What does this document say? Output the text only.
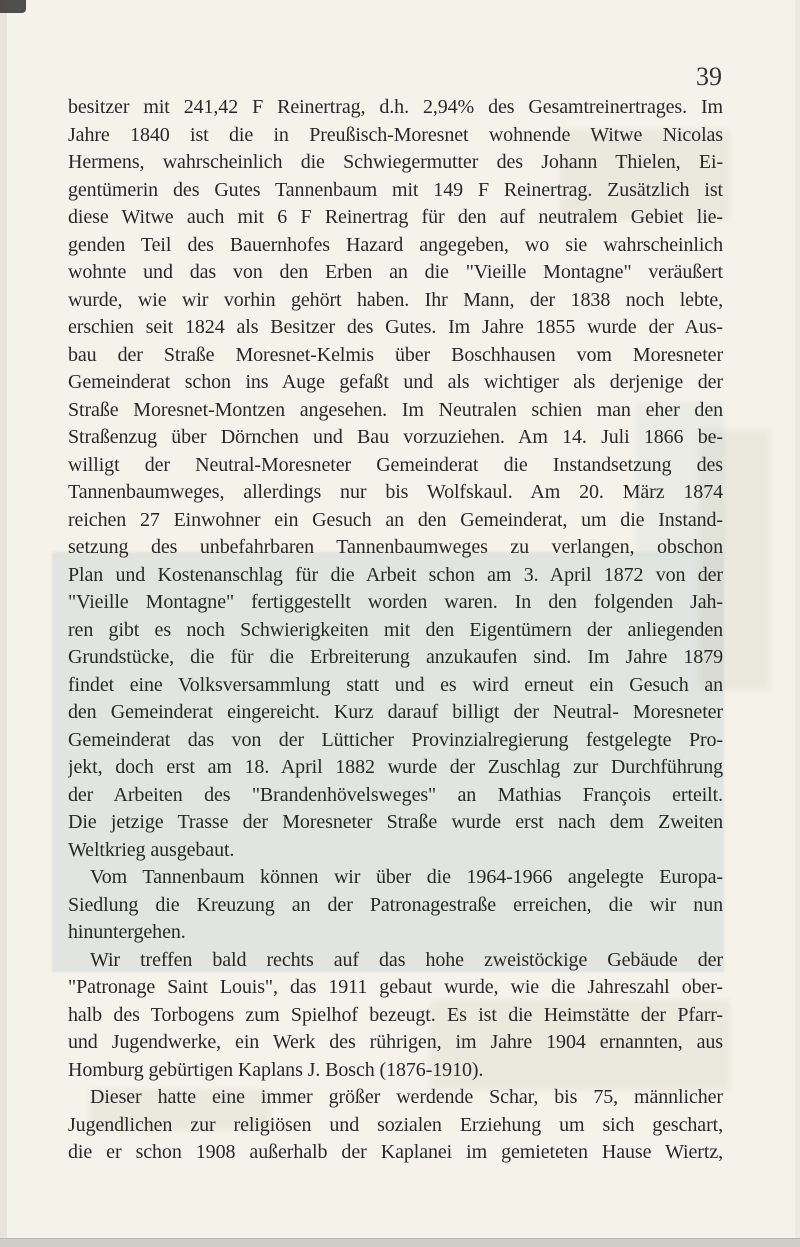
39
besitzer mit 241,42 F Reinertrag, d.h. 2,94% des Gesamtreinertrages. Im
Jahre 1840 ist die in Preußisch-Moresnet wohnende Witwe Nicolas
Hermens, wahrscheinlich die Schwiegermutter des Johann Thielen, Ei-
gentümerin des Gutes Tannenbaum mit 149 F Reinertrag. Zusätzlich ist
diese Witwe auch mit 6 F Reinertrag für den auf neutralem Gebiet lie-
genden Teil des Bauernhofes Hazard angegeben, wo sie wahrscheinlich
wohnte und das von den Erben an die "Vieille Montagne" veräußert
wurde, wie wir vorhin gehört haben. Ihr Mann, der 1838 noch lebte,
erschien seit 1824 als Besitzer des Gutes. Im Jahre 1855 wurde der Aus-
bau der Straße Moresnet-Kelmis über Boschhausen vom Moresneter
Gemeinderat schon ins Auge gefaßt und als wichtiger als derjenige der
Straße Moresnet-Montzen angesehen. Im Neutralen schien man eher den
Straßenzug über Dörnchen und Bau vorzuziehen. Am 14. Juli 1866 be-
willigt der Neutral-Moresneter Gemeinderat die Instandsetzung des
Tannenbaumweges, allerdings nur bis Wolfskaul. Am 20. März 1874
reichen 27 Einwohner ein Gesuch an den Gemeinderat, um die Instand-
setzung des unbefahrbaren Tannenbaumweges zu verlangen, obschon
Plan und Kostenanschlag für die Arbeit schon am 3. April 1872 von der
"Vieille Montagne" fertiggestellt worden waren. In den folgenden Jah-
ren gibt es noch Schwierigkeiten mit den Eigentümern der anliegenden
Grundstücke, die für die Erbreiterung anzukaufen sind. Im Jahre 1879
findet eine Volksversammlung statt und es wird erneut ein Gesuch an
den Gemeinderat eingereicht. Kurz darauf billigt der Neutral- Moresneter
Gemeinderat das von der Lütticher Provinzialregierung festgelegte Pro-
jekt, doch erst am 18. April 1882 wurde der Zuschlag zur Durchführung
der Arbeiten des "Brandenhövelsweges" an Mathias François erteilt.
Die jetzige Trasse der Moresneter Straße wurde erst nach dem Zweiten
Weltkrieg ausgebaut.
Vom Tannenbaum können wir über die 1964-1966 angelegte Europa-
Siedlung die Kreuzung an der Patronagestraße erreichen, die wir nun
hinuntergehen.
Wir treffen bald rechts auf das hohe zweistöckige Gebäude der
"Patronage Saint Louis", das 1911 gebaut wurde, wie die Jahreszahl ober-
halb des Torbogens zum Spielhof bezeugt. Es ist die Heimstätte der Pfarr-
und Jugendwerke, ein Werk des rührigen, im Jahre 1904 ernannten, aus
Homburg gebürtigen Kaplans J. Bosch (1876-1910).
Dieser hatte eine immer größer werdende Schar, bis 75, männlicher
Jugendlichen zur religiösen und sozialen Erziehung um sich geschart,
die er schon 1908 außerhalb der Kaplanei im gemieteten Hause Wiertz,
